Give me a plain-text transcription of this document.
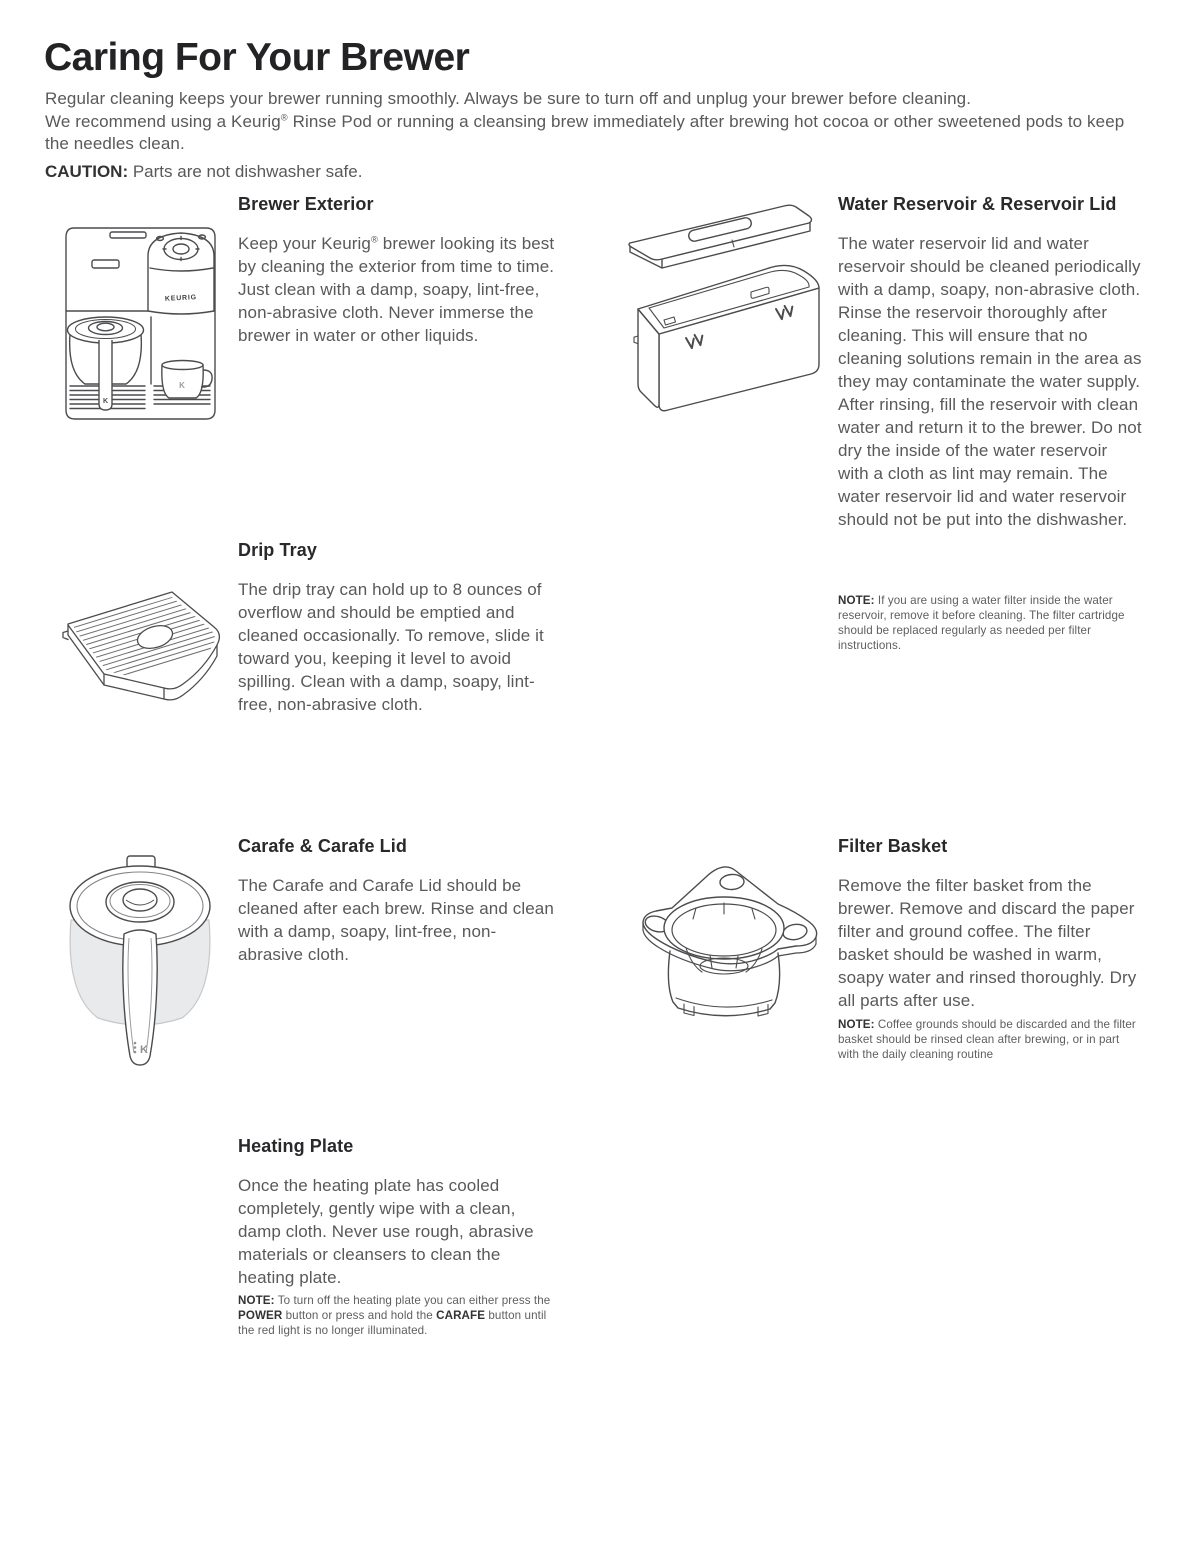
Caring For Your Brewer

Regular cleaning keeps your brewer running smoothly. Always be sure to turn off and unplug your brewer before cleaning.
We recommend using a Keurig® Rinse Pod or running a cleansing brew immediately after brewing hot cocoa or other sweetened pods to keep the needles clean.

CAUTION: Parts are not dishwasher safe.

K
K
KEURIG
Brewer Exterior

Keep your Keurig® brewer looking its best by cleaning the exterior from time to time. Just clean with a damp, soapy, lint-free, non-abrasive cloth. Never immerse the brewer in water or other liquids.

Water Reservoir & Reservoir Lid

The water reservoir lid and water reservoir should be cleaned periodically with a damp, soapy, non-abrasive cloth. Rinse the reservoir thoroughly after cleaning. This will ensure that no cleaning solutions remain in the area as they may contaminate the water supply. After rinsing, fill the reservoir with clean water and return it to the brewer. Do not dry the inside of the water reservoir with a cloth as lint may remain. The water reservoir lid and water reservoir should not be put into the dishwasher.

NOTE: If you are using a water filter inside the water reservoir, remove it before cleaning. The filter cartridge should be replaced regularly as needed per filter instructions.

Drip Tray

The drip tray can hold up to 8 ounces of overflow and should be emptied and cleaned occasionally. To remove, slide it toward you, keeping it level to avoid spilling. Clean with a damp, soapy, lint-free, non-abrasive cloth.

K
Carafe & Carafe Lid

The Carafe and Carafe Lid should be cleaned after each brew. Rinse and clean with a damp, soapy, lint-free, non-abrasive cloth.

Filter Basket

Remove the filter basket from the brewer. Remove and discard the paper filter and ground coffee. The filter basket should be washed in warm, soapy water and rinsed thoroughly. Dry all parts after use.

NOTE: Coffee grounds should be discarded and the filter basket should be rinsed clean after brewing, or in part with the daily cleaning routine

Heating Plate

Once the heating plate has cooled completely, gently wipe with a clean, damp cloth. Never use rough, abrasive materials or cleansers to clean the heating plate.

NOTE: To turn off the heating plate you can either press the POWER button or press and hold the CARAFE button until the red light is no longer illuminated.
